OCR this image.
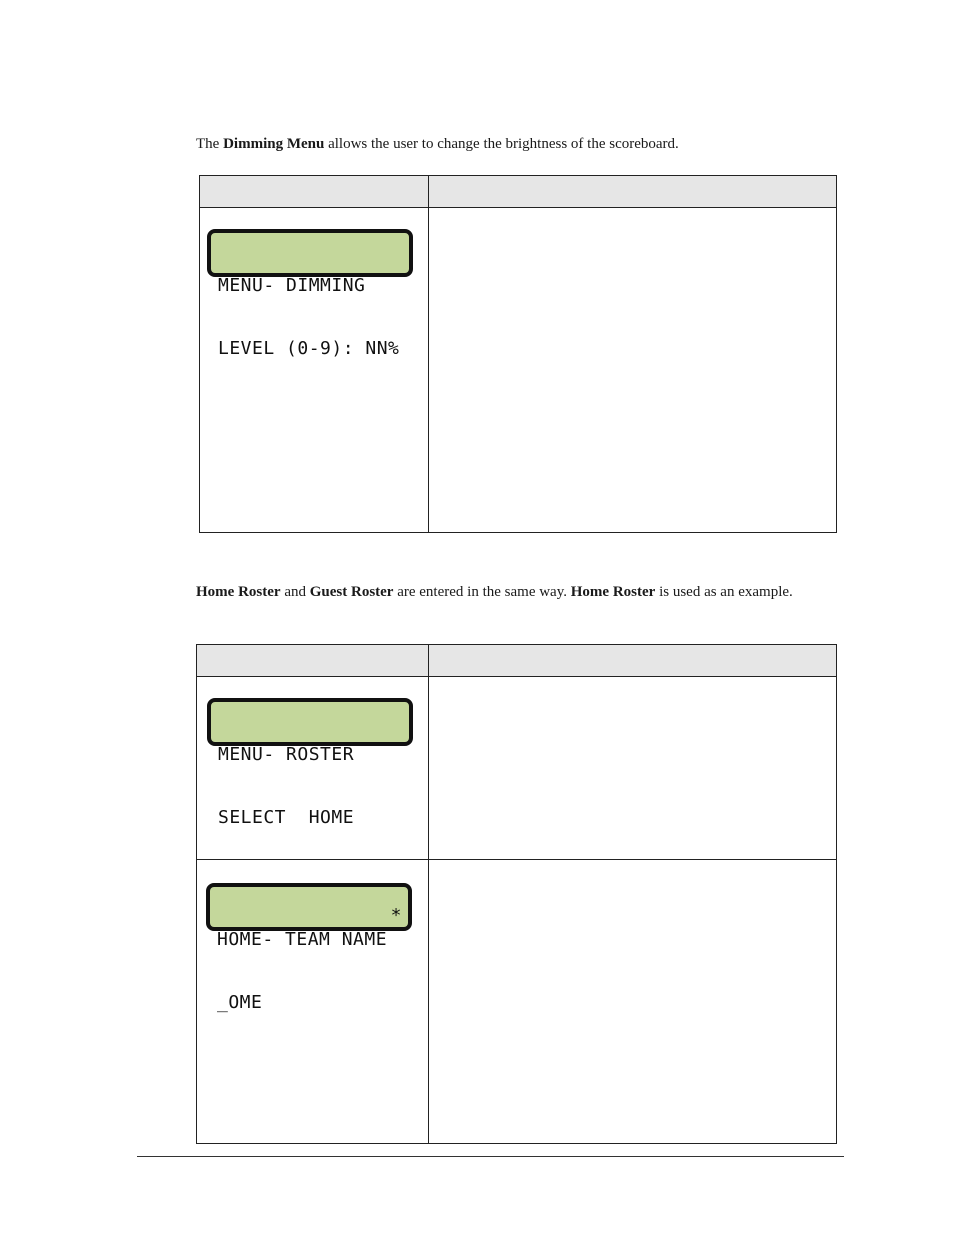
The Dimming Menu allows the user to change the brightness of the scoreboard.

MENU- DIMMING

LEVEL (0-9): NN%	

Home Roster and Guest Roster are entered in the same way. Home Roster is used as an example.

MENU- ROSTER

SELECT  HOME	

HOME- TEAM NAME

_OME

*	
